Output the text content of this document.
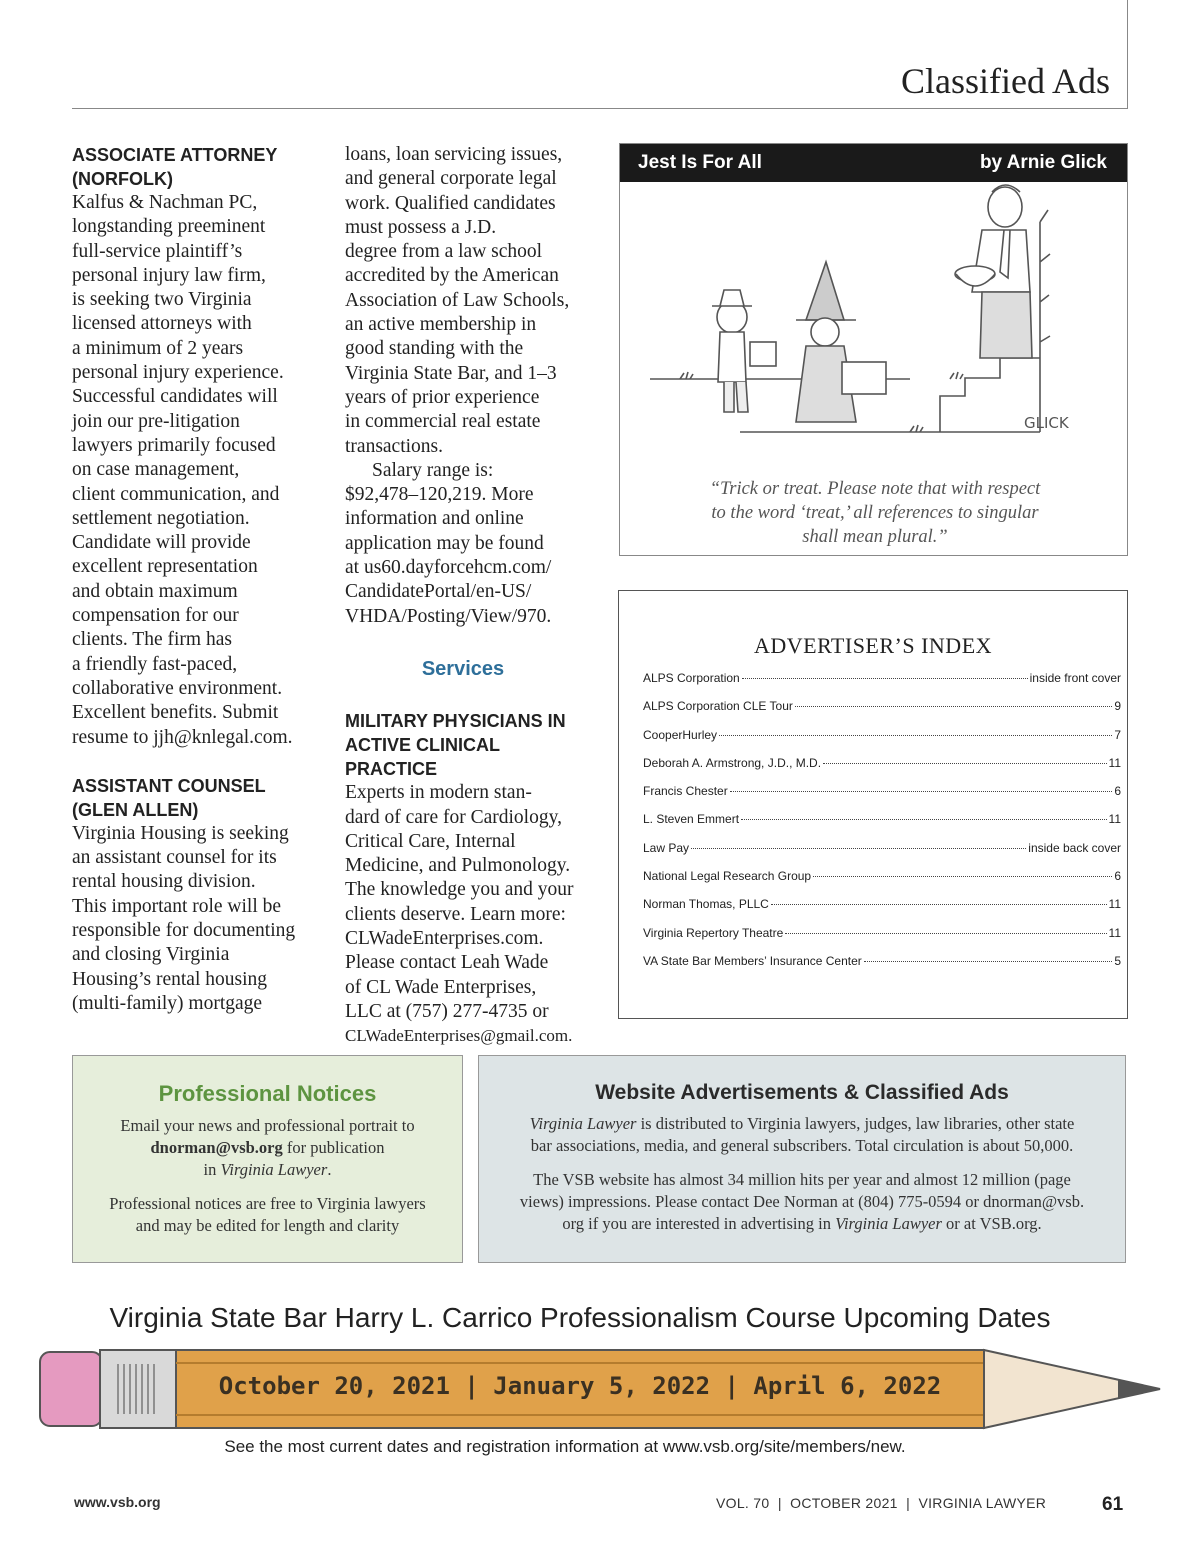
Classified Ads
ASSOCIATE ATTORNEY
(NORFOLK)
Kalfus & Nachman PC,
longstanding preeminent
full-service plaintiff’s
personal injury law firm,
is seeking two Virginia
licensed attorneys with
a minimum of 2 years
personal injury experience.
Successful candidates will
join our pre-litigation
lawyers primarily focused
on case management,
client communication, and
settlement negotiation.
Candidate will provide
excellent representation
and obtain maximum
compensation for our
clients. The firm has
a friendly fast-paced,
collaborative environment.
Excellent benefits. Submit
resume to jjh@knlegal.com.
ASSISTANT COUNSEL
(GLEN ALLEN)
Virginia Housing is seeking
an assistant counsel for its
rental housing division.
This important role will be
responsible for documenting
and closing Virginia
Housing’s rental housing
(multi-family) mortgage
loans, loan servicing issues,
and general corporate legal
work. Qualified candidates
must possess a J.D.
degree from a law school
accredited by the American
Association of Law Schools,
an active membership in
good standing with the
Virginia State Bar, and 1–3
years of prior experience
in commercial real estate
transactions.
Salary range is:
$92,478–120,219. More
information and online
application may be found
at us60.dayforcehcm.com/
CandidatePortal/en-US/
VHDA/Posting/View/970.
Services
MILITARY PHYSICIANS IN
ACTIVE CLINICAL PRACTICE
Experts in modern stan-
dard of care for Cardiology,
Critical Care, Internal
Medicine, and Pulmonology.
The knowledge you and your
clients deserve. Learn more:
CLWadeEnterprises.com.
Please contact Leah Wade
of CL Wade Enterprises,
LLC at (757) 277-4735 or
CLWadeEnterprises@gmail.com.
Jest Is For All	by Arnie Glick
GLICK
“Trick or treat. Please note that with respect
to the word ‘treat,’ all references to singular
shall mean plural.”
ADVERTISER’S INDEX
ALPS Corporation	inside front cover
ALPS Corporation CLE Tour	9
CooperHurley	7
Deborah A. Armstrong, J.D., M.D.	11
Francis Chester	6
L. Steven Emmert	11
Law Pay	inside back cover
National Legal Research Group	6
Norman Thomas, PLLC	11
Virginia Repertory Theatre	11
VA State Bar Members’ Insurance Center	5
Professional Notices
Email your news and professional portrait to
dnorman@vsb.org for publication
in Virginia Lawyer.
Professional notices are free to Virginia lawyers
and may be edited for length and clarity
Website Advertisements & Classified Ads
Virginia Lawyer is distributed to Virginia lawyers, judges, law libraries, other state
bar associations, media, and general subscribers. Total circulation is about 50,000.
The VSB website has almost 34 million hits per year and almost 12 million (page
views) impressions. Please contact Dee Norman at (804) 775-0594 or dnorman@vsb.
org if you are interested in advertising in Virginia Lawyer or at VSB.org.
Virginia State Bar Harry L. Carrico Professionalism Course Upcoming Dates
October 20, 2021 | January 5, 2022 | April 6, 2022
See the most current dates and registration information at www.vsb.org/site/members/new.
www.vsb.org	VOL. 70  |  OCTOBER 2021  |  VIRGINIA LAWYER	61
